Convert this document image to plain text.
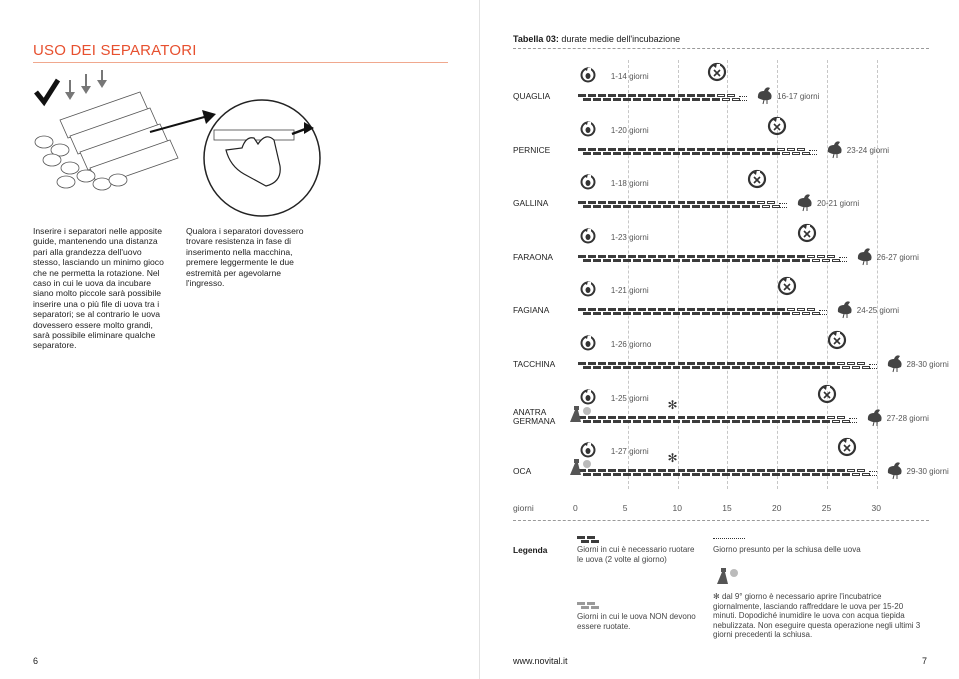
USO DEI SEPARATORI
Inserire i separatori nelle apposite guide, mantenendo una distanza pari alla grandezza dell'uovo stesso, lasciando un minimo gioco che ne permetta la rotazione. Nel caso in cui le uova da incubare siano molto piccole sarà possibile inserire una o più file di uova tra i separatori; se al contrario le uova dovessero essere molto grandi, sarà possibile eliminare qualche separatore.
Qualora i separatori dovessero trovare resistenza in fase di inserimento nella macchina, premere leggermente le due estremità per agevolarne l'ingresso.
6
Tabella 03: durate medie dell'incubazione
giorni	0	5	10	15	20	25	30
QUAGLIA
1-14 giorni
16-17 giorni
PERNICE
1-20 giorni
23-24 giorni
GALLINA
1-18 giorni
20-21 giorni
FARAONA
1-23 giorni
26-27 giorni
FAGIANA
1-21 giorni
24-25 giorni
TACCHINA
1-26 giorno
28-30 giorni
ANATRA GERMANA
1-25 giorni
27-28 giorni
✻
OCA
1-27 giorni
29-30 giorni
✻
Legenda	Giorni in cui è necessario ruotare le uova (2 volte al giorno)
Giorno presunto per la schiusa delle uova
Giorni in cui le uova NON devono essere ruotate.
✻ dal 9° giorno è necessario aprire l'incubatrice giornalmente, lasciando raffreddare le uova per 15-20 minuti. Dopodiché inumidire le uova con acqua tiepida nebulizzata. Non eseguire questa operazione negli ultimi 3 giorni precedenti la schiusa.
www.novital.it	7
